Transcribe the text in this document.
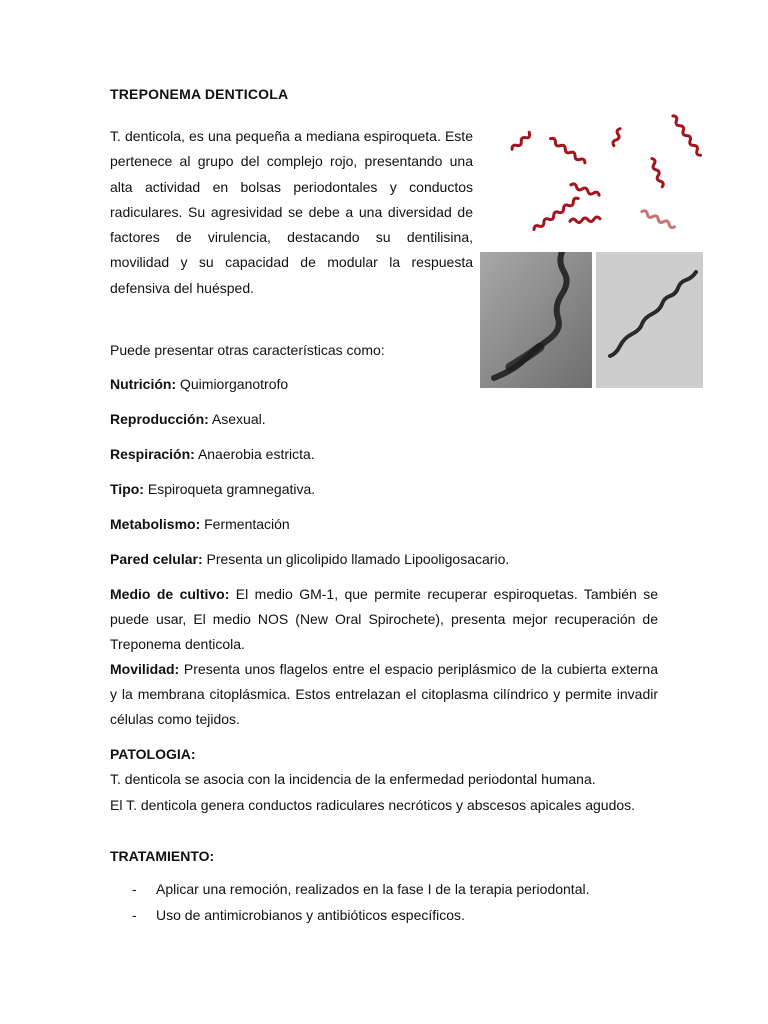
TREPONEMA DENTICOLA

T. denticola, es una pequeña a mediana espiroqueta. Este pertenece al grupo del complejo rojo, presentando una alta actividad en bolsas periodontales y conductos radiculares. Su agresividad se debe a una diversidad de factores de virulencia, destacando su dentilisina, movilidad y su capacidad de modular la respuesta defensiva del huésped.

Puede presentar otras características como:

Nutrición: Quimiorganotrofo

Reproducción: Asexual.

Respiración: Anaerobia estricta.

Tipo: Espiroqueta gramnegativa.

Metabolismo: Fermentación

Pared celular: Presenta un glicolipido llamado Lipooligosacario.

Medio de cultivo: El medio GM-1, que permite recuperar espiroquetas. También se puede usar, El medio NOS (New Oral Spirochete), presenta mejor recuperación de Treponema denticola.

Movilidad: Presenta unos flagelos entre el espacio periplásmico de la cubierta externa y la membrana citoplásmica. Estos entrelazan el citoplasma cilíndrico y permite invadir células como tejidos.

PATOLOGIA:

T. denticola se asocia con la incidencia de la enfermedad periodontal humana.

El T. denticola genera conductos radiculares necróticos y abscesos apicales agudos.

TRATAMIENTO:

- Aplicar una remoción, realizados en la fase I de la terapia periodontal.
- Uso de antimicrobianos y antibióticos específicos.
